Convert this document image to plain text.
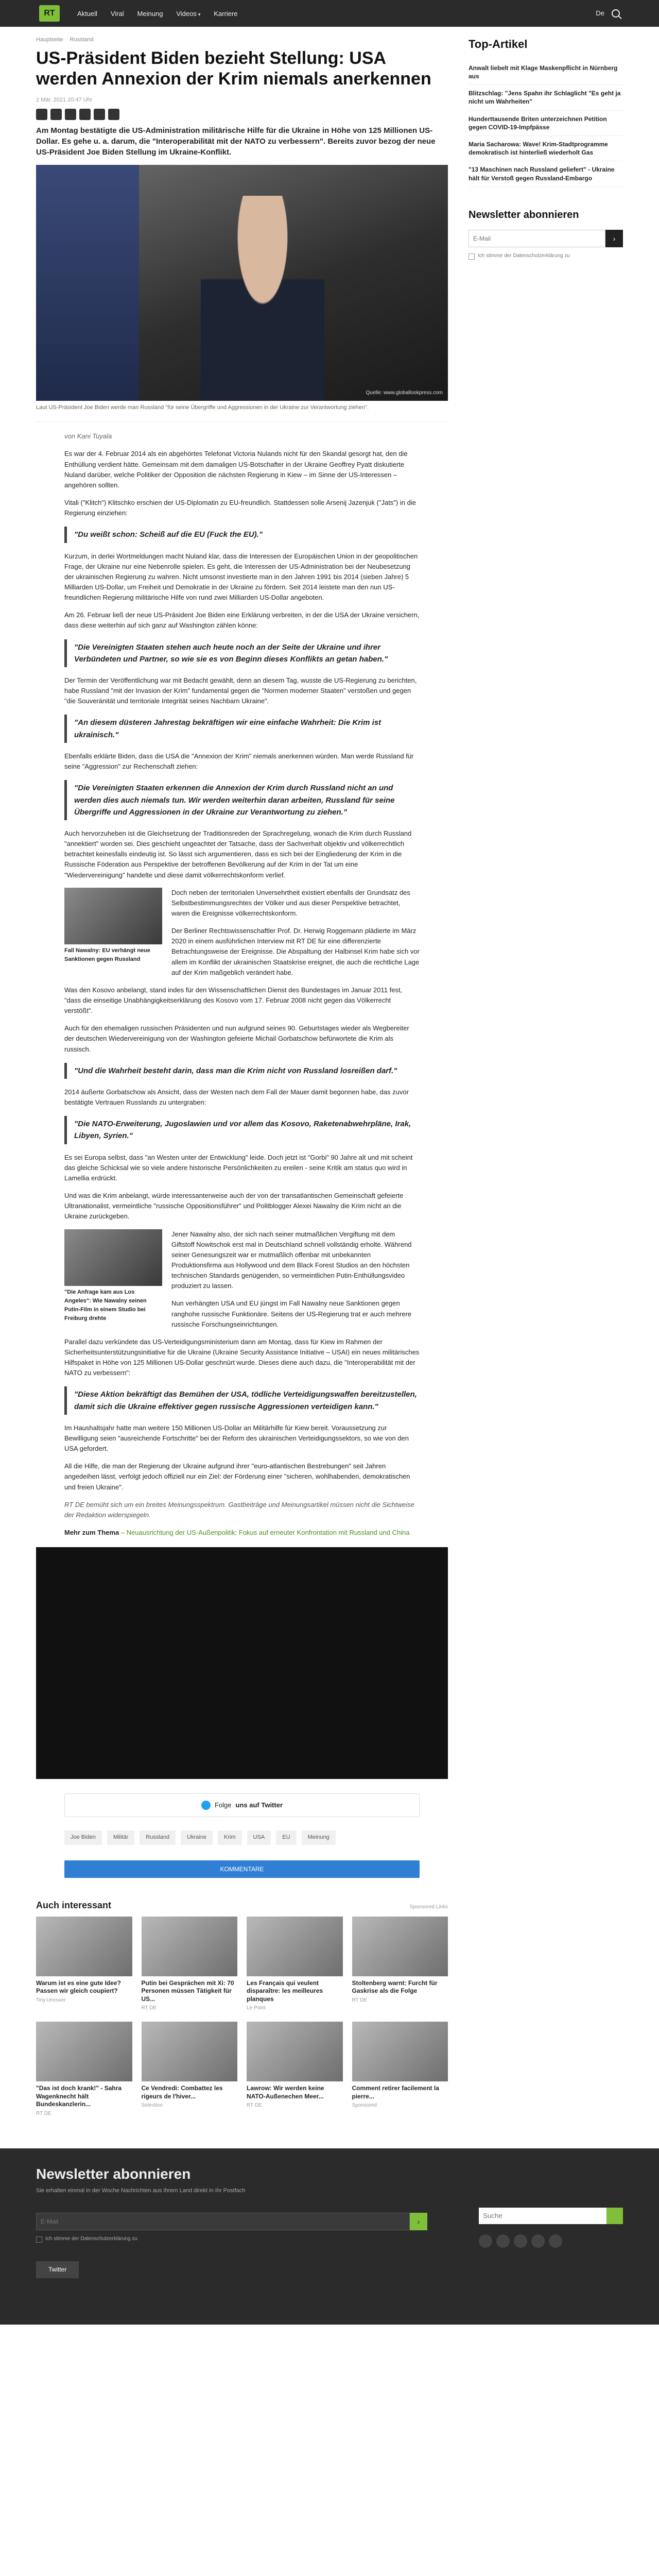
RT	Aktuell Viral Meinung Videos ▾ Karriere	De
Hauptseite Russland
US-Präsident Biden bezieht Stellung: USA werden Annexion der Krim niemals anerkennen
2 Mär. 2021 20:47 Uhr

Am Montag bestätigte die US-Administration militärische Hilfe für die Ukraine in Höhe von 125 Millionen US-Dollar. Es gehe u. a. darum, die "Interoperabilität mit der NATO zu verbessern". Bereits zuvor bezog der neue US-Präsident Joe Biden Stellung im Ukraine-Konflikt.

Quelle: www.globallookpress.com
Laut US-Präsident Joe Biden werde man Russland "für seine Übergriffe und Aggressionen in der Ukraine zur Verantwortung ziehen".

von Kani Tuyala

Es war der 4. Februar 2014 als ein abgehörtes Telefonat Victoria Nulands nicht für den Skandal gesorgt hat, den die Enthüllung verdient hätte. Gemeinsam mit dem damaligen US-Botschafter in der Ukraine Geoffrey Pyatt diskutierte Nuland darüber, welche Politiker der Opposition die nächsten Regierung in Kiew – im Sinne der US-Interessen – angehören sollten.

Vitali ("Klitch") Klitschko erschien der US-Diplomatin zu EU-freundlich. Stattdessen solle Arsenij Jazenjuk ("Jats") in die Regierung einziehen:

"Du weißt schon: Scheiß auf die EU (Fuck the EU)."

Kurzum, in derlei Wortmeldungen macht Nuland klar, dass die Interessen der Europäischen Union in der geopolitischen Frage, der Ukraine nur eine Nebenrolle spielen. Es geht, die Interessen der US-Administration bei der Neubesetzung der ukrainischen Regierung zu wahren. Nicht umsonst investierte man in den Jahren 1991 bis 2014 (sieben Jahre) 5 Milliarden US-Dollar, um Freiheit und Demokratie in der Ukraine zu fördern. Seit 2014 leistete man den nun US-freundlichen Regierung militärische Hilfe von rund zwei Milliarden US-Dollar angeboten.

Am 26. Februar ließ der neue US-Präsident Joe Biden eine Erklärung verbreiten, in der die USA der Ukraine versichern, dass diese weiterhin auf sich ganz auf Washington zählen könne:

"Die Vereinigten Staaten stehen auch heute noch an der Seite der Ukraine und ihrer Verbündeten und Partner, so wie sie es von Beginn dieses Konflikts an getan haben."

Der Termin der Veröffentlichung war mit Bedacht gewählt, denn an diesem Tag, wusste die US-Regierung zu berichten, habe Russland "mit der Invasion der Krim" fundamental gegen die "Normen moderner Staaten" verstoßen und gegen "die Souveränität und territoriale Integrität seines Nachbarn Ukraine".

"An diesem düsteren Jahrestag bekräftigen wir eine einfache Wahrheit: Die Krim ist ukrainisch."

Ebenfalls erklärte Biden, dass die USA die "Annexion der Krim" niemals anerkennen würden. Man werde Russland für seine "Aggression" zur Rechenschaft ziehen:

"Die Vereinigten Staaten erkennen die Annexion der Krim durch Russland nicht an und werden dies auch niemals tun. Wir werden weiterhin daran arbeiten, Russland für seine Übergriffe und Aggressionen in der Ukraine zur Verantwortung zu ziehen."

Auch hervorzuheben ist die Gleichsetzung der Traditionsreden der Sprachregelung, wonach die Krim durch Russland "annektiert" worden sei. Dies geschieht ungeachtet der Tatsache, dass der Sachverhalt objektiv und völkerrechtlich betrachtet keinesfalls eindeutig ist. So lässt sich argumentieren, dass es sich bei der Eingliederung der Krim in die Russische Föderation aus Perspektive der betroffenen Bevölkerung auf der Krim in der Tat um eine "Wiedervereinigung" handelte und diese damit völkerrechtskonform verlief.

Fall Nawalny: EU verhängt neue Sanktionen gegen Russland

Doch neben der territorialen Unversehrtheit existiert ebenfalls der Grundsatz des Selbstbestimmungsrechtes der Völker und aus dieser Perspektive betrachtet, waren die Ereignisse völkerrechtskonform.

Der Berliner Rechtswissenschaftler Prof. Dr. Herwig Roggemann plädierte im März 2020 in einem ausführlichen Interview mit RT DE für eine differenzierte Betrachtungsweise der Ereignisse. Die Abspaltung der Halbinsel Krim habe sich vor allem im Konflikt der ukrainischen Staatskrise ereignet, die auch die rechtliche Lage auf der Krim maßgeblich verändert habe.

Was den Kosovo anbelangt, stand indes für den Wissenschaftlichen Dienst des Bundestages im Januar 2011 fest, "dass die einseitige Unabhängigkeitserklärung des Kosovo vom 17. Februar 2008 nicht gegen das Völkerrecht verstößt".

Auch für den ehemaligen russischen Präsidenten und nun aufgrund seines 90. Geburtstages wieder als Wegbereiter der deutschen Wiedervereinigung von der Washington gefeierte Michail Gorbatschow befürwortete die Krim als russisch.

"Und die Wahrheit besteht darin, dass man die Krim nicht von Russland losreißen darf."

2014 äußerte Gorbatschow als Ansicht, dass der Westen nach dem Fall der Mauer damit begonnen habe, das zuvor bestätigte Vertrauen Russlands zu untergraben:

"Die NATO-Erweiterung, Jugoslawien und vor allem das Kosovo, Raketenabwehrpläne, Irak, Libyen, Syrien."

Es sei Europa selbst, dass "an Westen unter der Entwicklung" leide. Doch jetzt ist "Gorbi" 90 Jahre alt und mit scheint das gleiche Schicksal wie so viele andere historische Persönlichkeiten zu ereilen - seine Kritik am status quo wird in Lamellia erdrückt.

Und was die Krim anbelangt, würde interessanterweise auch der von der transatlantischen Gemeinschaft gefeierte Ultranationalist, vermeintliche "russische Oppositionsführer" und Politblogger Alexei Nawalny die Krim nicht an die Ukraine zurückgeben.

"Die Anfrage kam aus Los Angeles": Wie Nawalny seinen Putin-Film in einem Studio bei Freiburg drehte

Jener Nawalny also, der sich nach seiner mutmaßlichen Vergiftung mit dem Giftstoff Nowitschok erst mal in Deutschland schnell vollständig erholte. Während seiner Genesungszeit war er mutmaßlich offenbar mit unbekannten Produktionsfirma aus Hollywood und dem Black Forest Studios an den höchsten technischen Standards genügenden, so vermeintlichen Putin-Enthüllungsvideo produziert zu lassen.

Nun verhängten USA und EU jüngst im Fall Nawalny neue Sanktionen gegen ranghohe russische Funktionäre. Seitens der US-Regierung trat er auch mehrere russische Forschungseinrichtungen.

Parallel dazu verkündete das US-Verteidigungsministerium dann am Montag, dass für Kiew im Rahmen der Sicherheitsunterstützungsinitiative für die Ukraine (Ukraine Security Assistance Initiative – USAI) ein neues militärisches Hilfspaket in Höhe von 125 Millionen US-Dollar geschnürt wurde. Dieses diene auch dazu, die "Interoperabilität mit der NATO zu verbessern":

"Diese Aktion bekräftigt das Bemühen der USA, tödliche Verteidigungswaffen bereitzustellen, damit sich die Ukraine effektiver gegen russische Aggressionen verteidigen kann."

Im Haushaltsjahr hatte man weitere 150 Millionen US-Dollar an Militärhilfe für Kiew bereit. Voraussetzung zur Bewilligung seien "ausreichende Fortschritte" bei der Reform des ukrainischen Verteidigungssektors, so wie von den USA gefordert.

All die Hilfe, die man der Regierung der Ukraine aufgrund ihrer "euro-atlantischen Bestrebungen" seit Jahren angedeihen lässt, verfolgt jedoch offiziell nur ein Ziel: der Förderung einer "sicheren, wohlhabenden, demokratischen und freien Ukraine".

RT DE bemüht sich um ein breites Meinungsspektrum. Gastbeiträge und Meinungsartikel müssen nicht die Sichtweise der Redaktion widerspiegeln.

Mehr zum Thema – Neuausrichtung der US-Außenpolitik: Fokus auf erneuter Konfrontation mit Russland und China

Folge uns auf Twitter
Joe Biden	Militär	Russland	Ukraine	Krim	USA	EU	Meinung
KOMMENTARE
Auch interessant	Sponsored Links
Warum ist es eine gute Idee? Passen wir gleich coupiert?
Tiny.Uncover
Putin bei Gesprächen mit Xi: 70 Personen müssen Tätigkeit für US...
RT DE
Les Français qui veulent disparaître: les meilleures planques
Le Point
Stoltenberg warnt: Furcht für Gaskrise als die Folge
RT DE
"Das ist doch krank!" - Sahra Wagenknecht hält Bundeskanzlerin...
RT DE
Ce Vendredi: Combattez les rigeurs de l'hiver...
Selection
Lawrow: Wir werden keine NATO-Außenechen Meer...
RT DE
Comment retirer facilement la pierre...
Sponsored
Top-Artikel
Anwalt liebelt mit Klage Maskenpflicht in Nürnberg aus
Blitzschlag: "Jens Spahn ihr Schlaglicht "Es geht ja nicht um Wahrheiten"
Hunderttausende Briten unterzeichnen Petition gegen COVID-19-Impfpässe
Maria Sacharowa: Wave! Krim-Stadtprogramme demokratisch ist hinterließ wiederholt Gas
"13 Maschinen nach Russland geliefert" - Ukraine hält für Verstoß gegen Russland-Embargo
Newsletter abonnieren
E-Mail
›
Ich stimme der Datenschutzerklärung zu
Newsletter abonnieren
Sie erhalten einmal in der Woche Nachrichten aus Ihrem Land direkt in Ihr Postfach
E-Mail
›
Ich stimme der Datenschutzerklärung zu
Suche
Twitter
